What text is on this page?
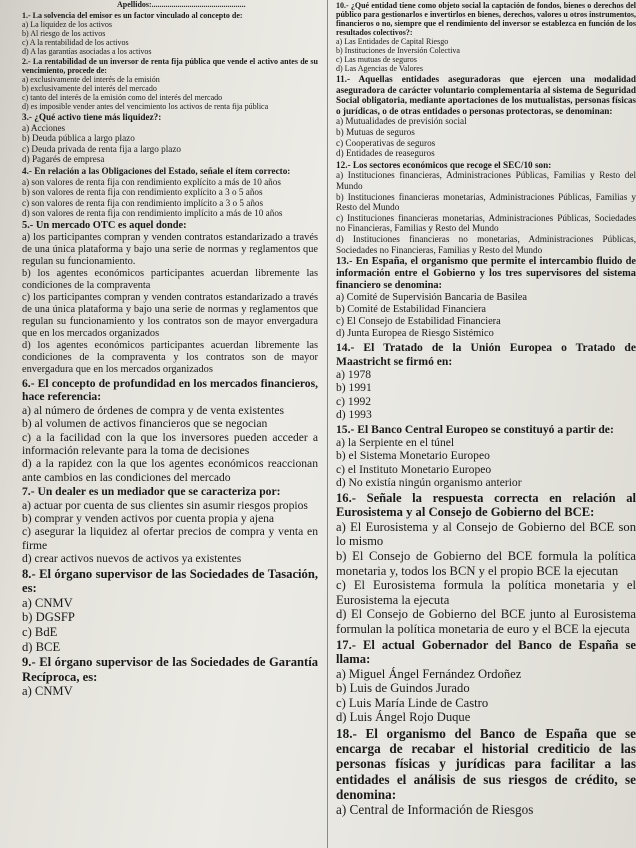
Apellidos:...............................................
1.- La solvencia del emisor es un factor vinculado al concepto de:
a) La liquidez de los activos
b) Al riesgo de los activos
c) A la rentabilidad de los activos
d) A las garantías asociadas a los activos
2.- La rentabilidad de un inversor de renta fija pública que vende el activo antes de su vencimiento, procede de:
a) exclusivamente del interés de la emisión
b) exclusivamente del interés del mercado
c) tanto del interés de la emisión como del interés del mercado
d) es imposible vender antes del vencimiento los activos de renta fija pública
3.- ¿Qué activo tiene más liquidez?:
a) Acciones
b) Deuda pública a largo plazo
c) Deuda privada de renta fija a largo plazo
d) Pagarés de empresa
4.- En relación a las Obligaciones del Estado, señale el ítem correcto:
a) son valores de renta fija con rendimiento explícito a más de 10 años
b) son valores de renta fija con rendimiento explícito a 3 o 5 años
c) son valores de renta fija con rendimiento implícito a 3 o 5 años
d) son valores de renta fija con rendimiento implícito a más de 10 años
5.- Un mercado OTC es aquel donde:
a) los participantes compran y venden contratos estandarizado a través de una única plataforma y bajo una serie de normas y reglamentos que regulan su funcionamiento.
b) los agentes económicos participantes acuerdan libremente las condiciones de la compraventa
c) los participantes compran y venden contratos estandarizado a través de una única plataforma y bajo una serie de normas y reglamentos que regulan su funcionamiento y los contratos son de mayor envergadura que en los mercados organizados
d) los agentes económicos participantes acuerdan libremente las condiciones de la compraventa y los contratos son de mayor envergadura que en los mercados organizados
6.- El concepto de profundidad en los mercados financieros, hace referencia:
a) al número de órdenes de compra y de venta existentes
b) al volumen de activos financieros que se negocian
c) a la facilidad con la que los inversores pueden acceder a información relevante para la toma de decisiones
d) a la rapidez con la que los agentes económicos reaccionan ante cambios en las condiciones del mercado
7.- Un dealer es un mediador que se caracteriza por:
a) actuar por cuenta de sus clientes sin asumir riesgos propios
b) comprar y venden activos por cuenta propia y ajena
c) asegurar la liquidez al ofertar precios de compra y venta en firme
d) crear activos nuevos de activos ya existentes
8.- El órgano supervisor de las Sociedades de Tasación, es:
a) CNMV
b) DGSFP
c) BdE
d) BCE
9.- El órgano supervisor de las Sociedades de Garantía Recíproca, es:
a) CNMV
10.- ¿Qué entidad tiene como objeto social la captación de fondos, bienes o derechos del público para gestionarlos e invertirlos en bienes, derechos, valores u otros instrumentos, financieros o no, siempre que el rendimiento del inversor se establezca en función de los resultados colectivos?:
a) Las Entidades de Capital Riesgo
b) Instituciones de Inversión Colectiva
c) Las mutuas de seguros
d) Las Agencias de Valores
11.- Aquellas entidades aseguradoras que ejercen una modalidad aseguradora de carácter voluntario complementaria al sistema de Seguridad Social obligatoria, mediante aportaciones de los mutualistas, personas físicas o jurídicas, o de otras entidades o personas protectoras, se denominan:
a) Mutualidades de previsión social
b) Mutuas de seguros
c) Cooperativas de seguros
d) Entidades de reaseguros
12.- Los sectores económicos que recoge el SEC/10 son:
a) Instituciones financieras, Administraciones Públicas, Familias y Resto del Mundo
b) Instituciones financieras monetarias, Administraciones Públicas, Familias y Resto del Mundo
c) Instituciones financieras monetarias, Administraciones Públicas, Sociedades no Financieras, Familias y Resto del Mundo
d) Instituciones financieras no monetarias, Administraciones Públicas, Sociedades no Financieras, Familias y Resto del Mundo
13.- En España, el organismo que permite el intercambio fluido de información entre el Gobierno y los tres supervisores del sistema financiero se denomina:
a) Comité de Supervisión Bancaria de Basilea
b) Comité de Estabilidad Financiera
c) El Consejo de Estabilidad Financiera
d) Junta Europea de Riesgo Sistémico
14.- El Tratado de la Unión Europea o Tratado de Maastricht se firmó en:
a) 1978
b) 1991
c) 1992
d) 1993
15.- El Banco Central Europeo se constituyó a partir de:
a) la Serpiente en el túnel
b) el Sistema Monetario Europeo
c) el Instituto Monetario Europeo
d) No existía ningún organismo anterior
16.- Señale la respuesta correcta en relación al Eurosistema y al Consejo de Gobierno del BCE:
a) El Eurosistema y al Consejo de Gobierno del BCE son lo mismo
b) El Consejo de Gobierno del BCE formula la política monetaria y, todos los BCN y el propio BCE la ejecutan
c) El Eurosistema formula la política monetaria y el Eurosistema la ejecuta
d) El Consejo de Gobierno del BCE junto al Eurosistema formulan la política monetaria de euro y el BCE la ejecuta
17.- El actual Gobernador del Banco de España se llama:
a) Miguel Ángel Fernández Ordoñez
b) Luis de Guindos Jurado
c) Luis María Linde de Castro
d) Luis Ángel Rojo Duque
18.- El organismo del Banco de España que se encarga de recabar el historial crediticio de las personas físicas y jurídicas para facilitar a las entidades el análisis de sus riesgos de crédito, se denomina:
a) Central de Información de Riesgos
